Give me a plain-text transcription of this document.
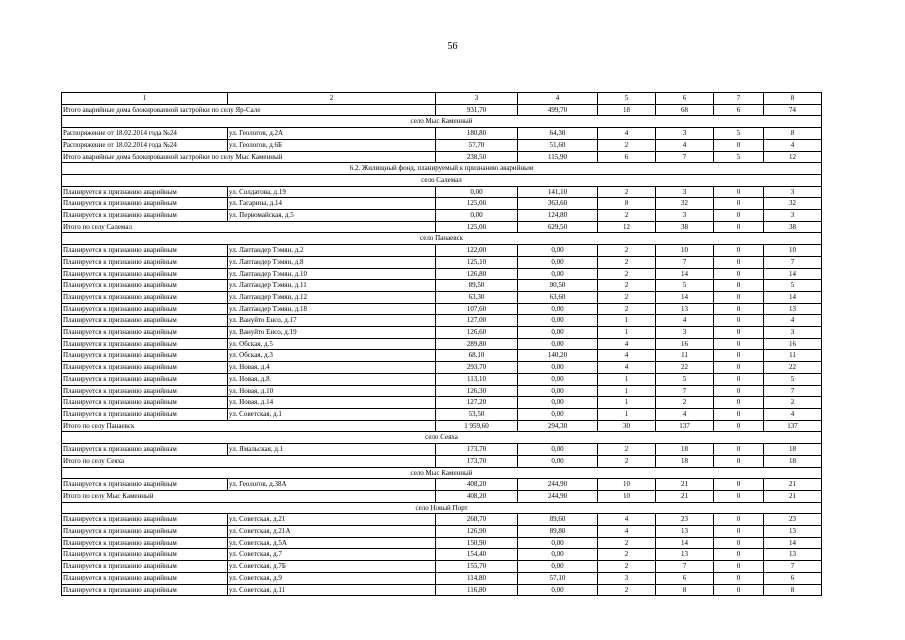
56
1	2	3	4	5	6	7	8
Итого аварийные дома блокированной застройки по селу Яр-Сале		931,70	499,70	18	68	6	74
село Мыс Каменный							
Распоряжение от 18.02.2014 года №24	ул. Геологов, д.2А	180,80	64,30	4	3	5	8
Распоряжение от 18.02.2014 года №24	ул. Геологов, д.6Б	57,70	51,60	2	4	0	4
Итого аварийные дома блокированной застройки по селу Мыс Каменный		238,50	115,90	6	7	5	12
6.2. Жилищный фонд, планируемый к признанию аварийным							
село Салемал							
Планируется к признанию аварийным	ул. Солдатова, д.19	0,00	141,10	2	3	0	3
Планируется к признанию аварийным	ул. Гагарина, д.14	125,00	363,60	8	32	0	32
Планируется к признанию аварийным	ул. Первомайская, д.5	0,00	124,80	2	3	0	3
Итого по селу Салемал		125,00	629,50	12	38	0	38
село Панаевск							
Планируется к признанию аварийным	ул. Лаптандер Тэмян, д.2	122,00	0,00	2	10	0	10
Планируется к признанию аварийным	ул. Лаптандер Тэмян, д.8	125,10	0,00	2	7	0	7
Планируется к признанию аварийным	ул. Лаптандер Тэмян, д.10	126,80	0,00	2	14	0	14
Планируется к признанию аварийным	ул. Лаптандер Тэмян, д.11	89,50	90,50	2	5	0	5
Планируется к признанию аварийным	ул. Лаптандер Тэмян, д.12	63,30	63,60	2	14	0	14
Планируется к признанию аварийным	ул. Лаптандер Тэмян, д.18	107,60	0,00	2	13	0	13
Планируется к признанию аварийным	ул. Вануйто Енсо, д.17	127,00	0,00	1	4	0	4
Планируется к признанию аварийным	ул. Вануйто Енсо, д.19	126,60	0,00	1	3	0	3
Планируется к признанию аварийным	ул. Обская, д.5	289,80	0,00	4	16	0	16
Планируется к признанию аварийным	ул. Обская, д.3	68,10	140,20	4	11	0	11
Планируется к признанию аварийным	ул. Новая, д.4	293,70	0,00	4	22	0	22
Планируется к признанию аварийным	ул. Новая, д.8	113,10	0,00	1	5	0	5
Планируется к признанию аварийным	ул. Новая, д.10	126,30	0,00	1	7	0	7
Планируется к признанию аварийным	ул. Новая, д.14	127,20	0,00	1	2	0	2
Планируется к признанию аварийным	ул. Советская, д.1	53,50	0,00	1	4	0	4
Итого по селу Панаевск		1 959,60	294,30	30	137	0	137
село Сеяха							
Планируется к признанию аварийным	ул. Ямальская, д.1	173,70	0,00	2	18	0	18
Итого по селу Сеяха		173,70	0,00	2	18	0	18
село Мыс Каменный							
Планируется к признанию аварийным	ул. Геологов, д.38А	408,20	244,90	10	21	0	21
Итого по селу Мыс Каменный		408,20	244,90	10	21	0	21
село Новый Порт							
Планируется к признанию аварийным	ул. Советская, д.21	268,70	89,60	4	23	0	23
Планируется к признанию аварийным	ул. Советская, д.21А	126,90	89,80	4	13	0	13
Планируется к признанию аварийным	ул. Советская, д.5А	150,90	0,00	2	14	0	14
Планируется к признанию аварийным	ул. Советская, д.7	154,40	0,00	2	13	0	13
Планируется к признанию аварийным	ул. Советская, д.7Б	155,70	0,00	2	7	0	7
Планируется к признанию аварийным	ул. Советская, д.9	114,80	57,10	3	6	0	6
Планируется к признанию аварийным	ул. Советская, д.11	116,80	0,00	2	8	0	8
